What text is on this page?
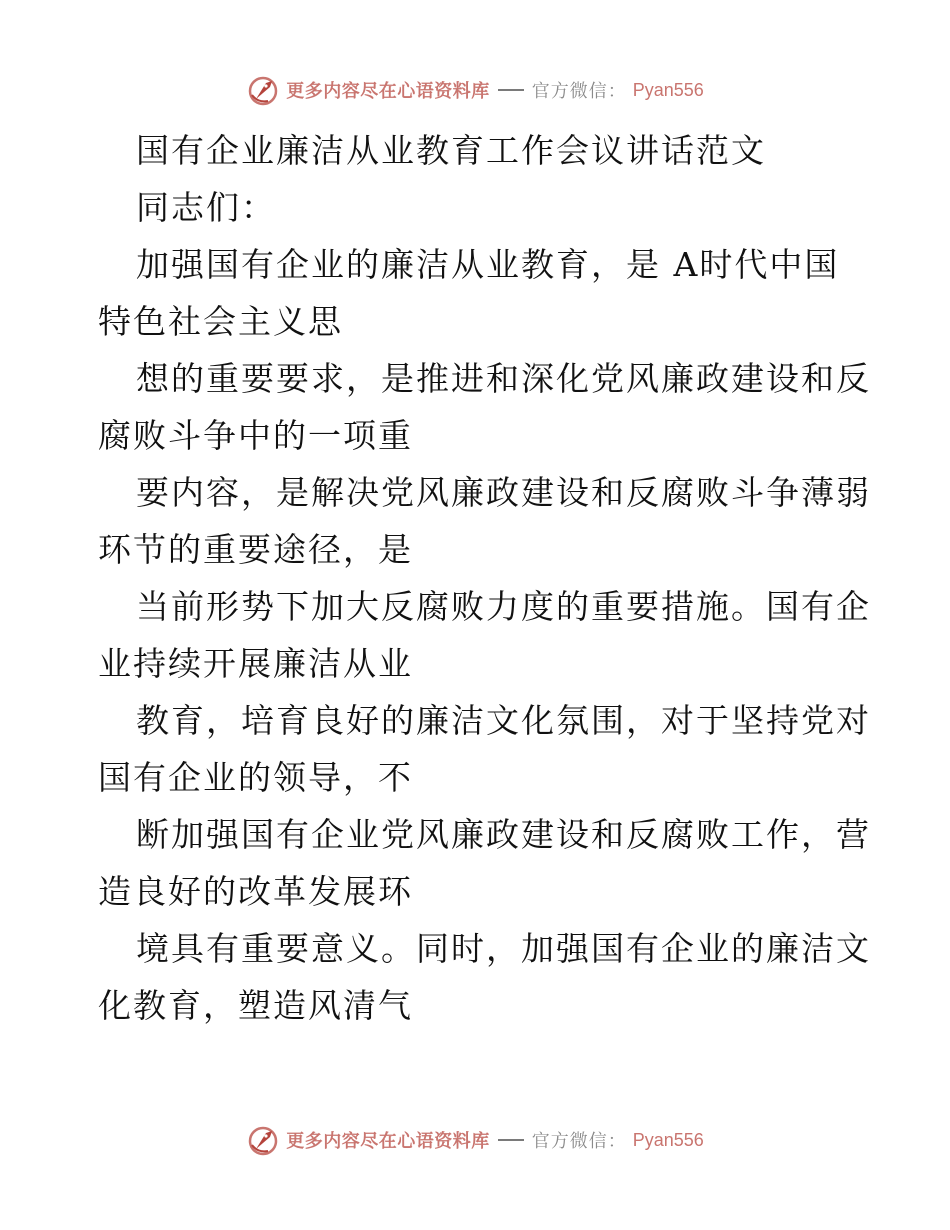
更多内容尽在心语资料库 官方微信： Pyan556
国有企业廉洁从业教育工作会议讲话范文
同志们：
加强国有企业的廉洁从业教育，是 A时代中国
特色社会主义思
想的重要要求，是推进和深化党风廉政建设和反
腐败斗争中的一项重
要内容，是解决党风廉政建设和反腐败斗争薄弱
环节的重要途径，是
当前形势下加大反腐败力度的重要措施。国有企
业持续开展廉洁从业
教育，培育良好的廉洁文化氛围，对于坚持党对
国有企业的领导，不
断加强国有企业党风廉政建设和反腐败工作，营
造良好的改革发展环
境具有重要意义。同时，加强国有企业的廉洁文
化教育，塑造风清气
更多内容尽在心语资料库 官方微信： Pyan556
